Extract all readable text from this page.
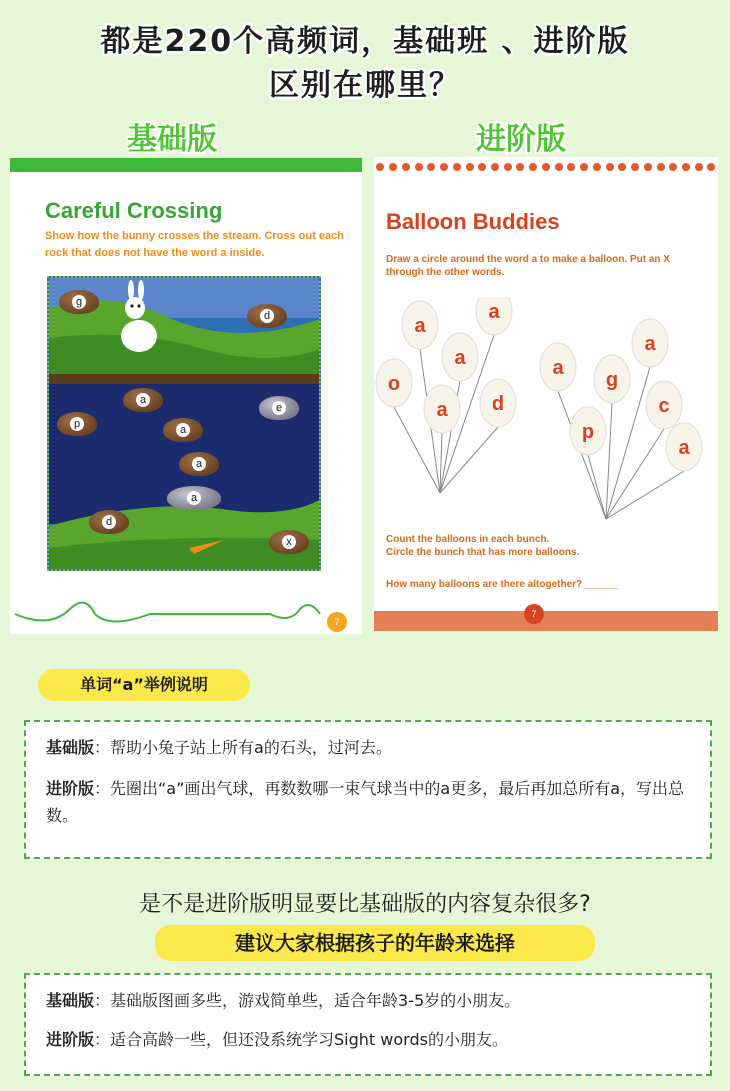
都是220个高频词，基础班 、进阶版
区别在哪里？
基础版	进阶版
Careful Crossing
Show how the bunny crosses the stream. Cross out each rock that does not have the word a inside.
g
d
a
e
p	a
a
a
d
x
7
Balloon Buddies
Draw a circle around the word a to make a balloon. Put an X through the other words.
a
a
a
o
a d
a
a
g
c
p
a
Count the balloons in each bunch.
Circle the bunch that has more balloons.
How many balloons are there altogether? ______
7
单词“a”举例说明

基础版：帮助小兔子站上所有a的石头，过河去。

进阶版：先圈出“a”画出气球，再数数哪一束气球当中的a更多，最后再加总所有a，写出总数。

是不是进阶版明显要比基础版的内容复杂很多?
建议大家根据孩子的年龄来选择

基础版：基础版图画多些，游戏简单些，适合年龄3-5岁的小朋友。

进阶版：适合高龄一些，但还没系统学习Sight words的小朋友。
